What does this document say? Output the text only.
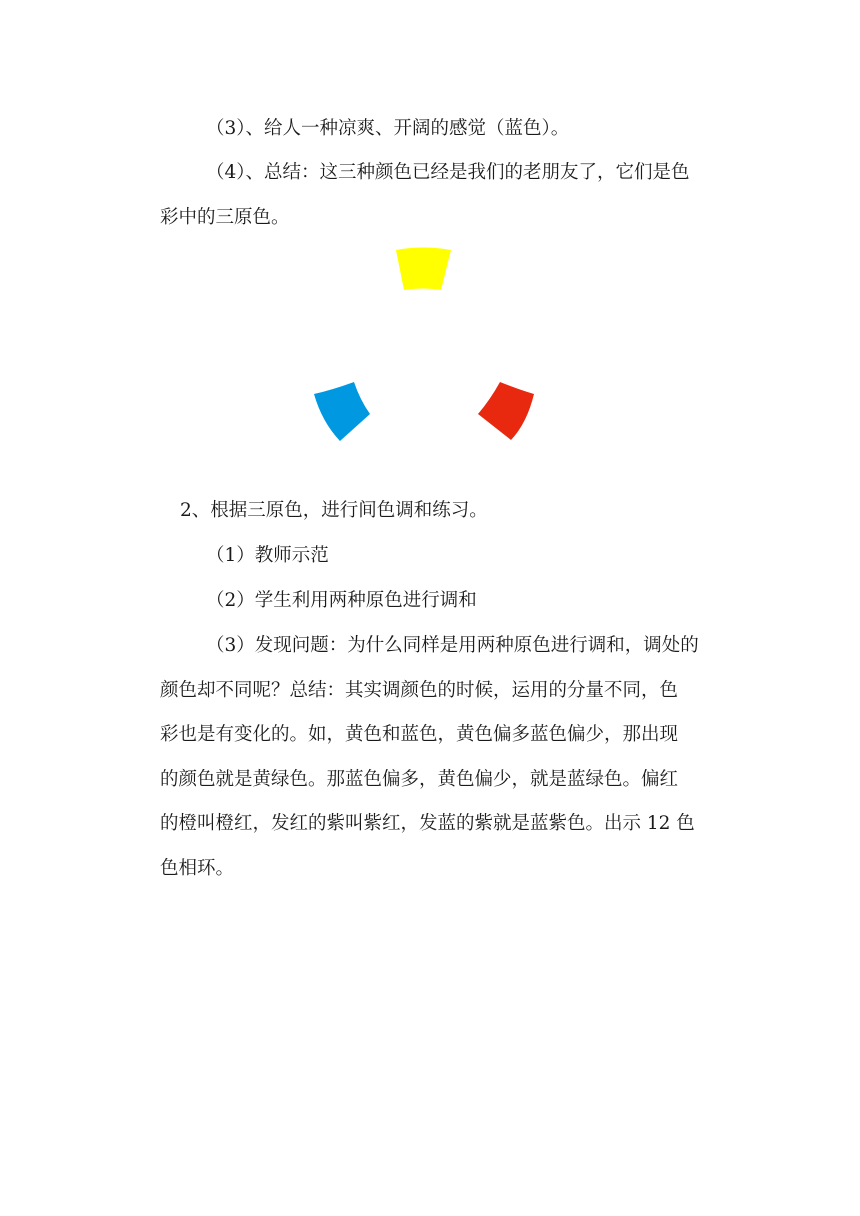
（3）、给人一种凉爽、开阔的感觉（蓝色）。

（4）、总结：这三种颜色已经是我们的老朋友了，它们是色

彩中的三原色。

2、根据三原色，进行间色调和练习。

（1）教师示范

（2）学生利用两种原色进行调和

（3）发现问题：为什么同样是用两种原色进行调和，调处的
颜色却不同呢？总结：其实调颜色的时候，运用的分量不同，色
彩也是有变化的。如，黄色和蓝色，黄色偏多蓝色偏少，那出现
的颜色就是黄绿色。那蓝色偏多，黄色偏少，就是蓝绿色。偏红
的橙叫橙红，发红的紫叫紫红，发蓝的紫就是蓝紫色。出示 12 色
色相环。
